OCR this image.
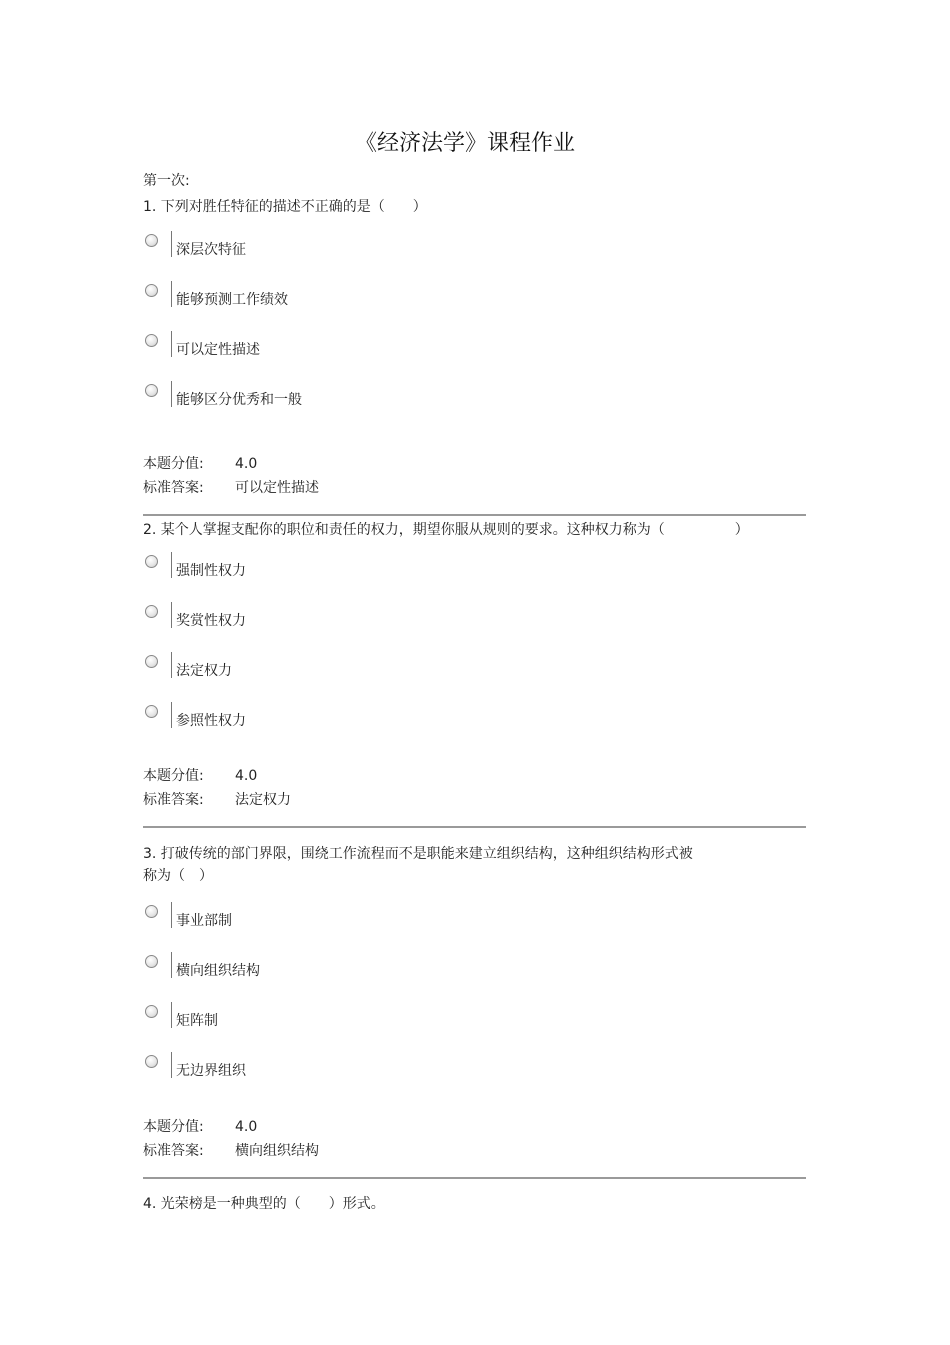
《经济法学》课程作业
第一次:
1. 下列对胜任特征的描述不正确的是（　　）
深层次特征
能够预测工作绩效
可以定性描述
能够区分优秀和一般
本题分值: 4.0
标准答案: 可以定性描述
2. 某个人掌握支配你的职位和责任的权力，期望你服从规则的要求。这种权力称为（　　　　　）
强制性权力
奖赏性权力
法定权力
参照性权力
本题分值: 4.0
标准答案: 法定权力
3. 打破传统的部门界限，围绕工作流程而不是职能来建立组织结构，这种组织结构形式被
称为（　）
事业部制
横向组织结构
矩阵制
无边界组织
本题分值: 4.0
标准答案: 横向组织结构
4. 光荣榜是一种典型的（　　）形式。
